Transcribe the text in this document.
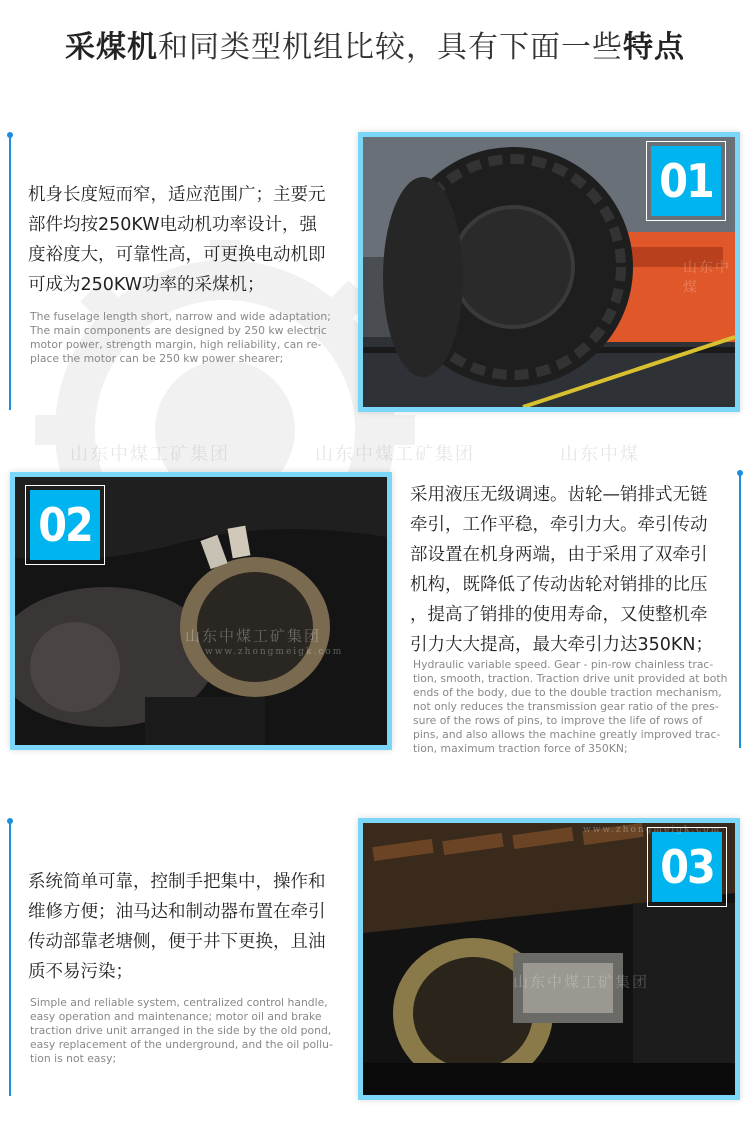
采煤机和同类型机组比较，具有下面一些特点
山东中煤工矿集团	山东中煤工矿集团	山东中煤
机身长度短而窄，适应范围广；主要元
部件均按250KW电动机功率设计，强
度裕度大，可靠性高，可更换电动机即
可成为250KW功率的采煤机；
The fuselage length short, narrow and wide adaptation;
The main components are designed by 250 kw electric
motor power, strength margin, high reliability, can re-
place the motor can be 250 kw power shearer;
01
山东中煤
02
山东中煤工矿集团
www.zhongmeigk.com
采用液压无级调速。齿轮—销排式无链
牵引，工作平稳，牵引力大。牵引传动
部设置在机身两端，由于采用了双牵引
机构，既降低了传动齿轮对销排的比压
，提高了销排的使用寿命，又使整机牵
引力大大提高，最大牵引力达350KN；
Hydraulic variable speed. Gear - pin-row chainless trac-
tion, smooth, traction. Traction drive unit provided at both
ends of the body, due to the double traction mechanism,
not only reduces the transmission gear ratio of the pres-
sure of the rows of pins, to improve the life of rows of
pins, and also allows the machine greatly improved trac-
tion, maximum traction force of 350KN;
系统简单可靠，控制手把集中，操作和
维修方便；油马达和制动器布置在牵引
传动部靠老塘侧，便于井下更换，且油
质不易污染；
Simple and reliable system, centralized control handle,
easy operation and maintenance; motor oil and brake
traction drive unit arranged in the side by the old pond,
easy replacement of the underground, and the oil pollu-
tion is not easy;
03
www.zhongmeigk.com
山东中煤工矿集团
